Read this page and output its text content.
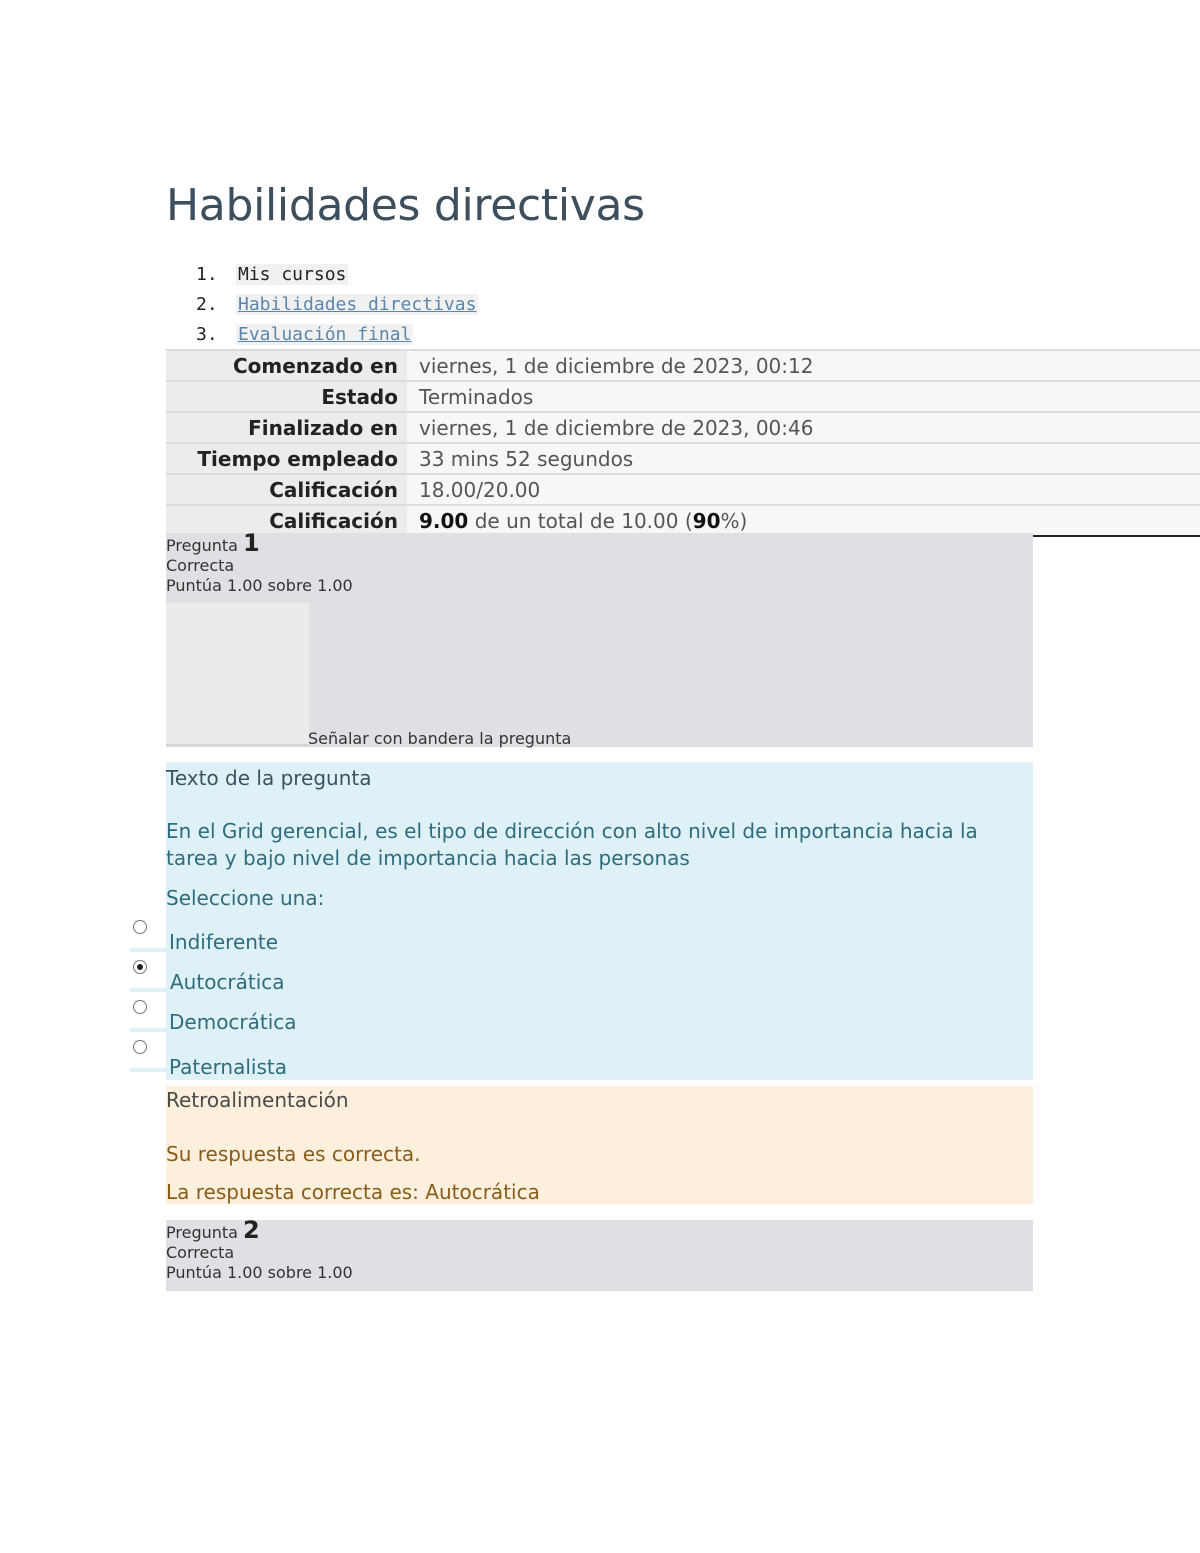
Habilidades directivas
1.	Mis cursos
2.	Habilidades directivas
3.	Evaluación final
Comenzado en	viernes, 1 de diciembre de 2023, 00:12
Estado	Terminados
Finalizado en	viernes, 1 de diciembre de 2023, 00:46
Tiempo empleado	33 mins 52 segundos
Calificación	18.00/20.00
Calificación	9.00 de un total de 10.00 (90%)
Pregunta 1
Correcta
Puntúa 1.00 sobre 1.00
Señalar con bandera la pregunta
Texto de la pregunta
En el Grid gerencial, es el tipo de dirección con alto nivel de importancia hacia la tarea y bajo nivel de importancia hacia las personas
Seleccione una:
Indiferente
Autocrática
Democrática
Paternalista
Retroalimentación
Su respuesta es correcta.
La respuesta correcta es: Autocrática
Pregunta 2
Correcta
Puntúa 1.00 sobre 1.00
